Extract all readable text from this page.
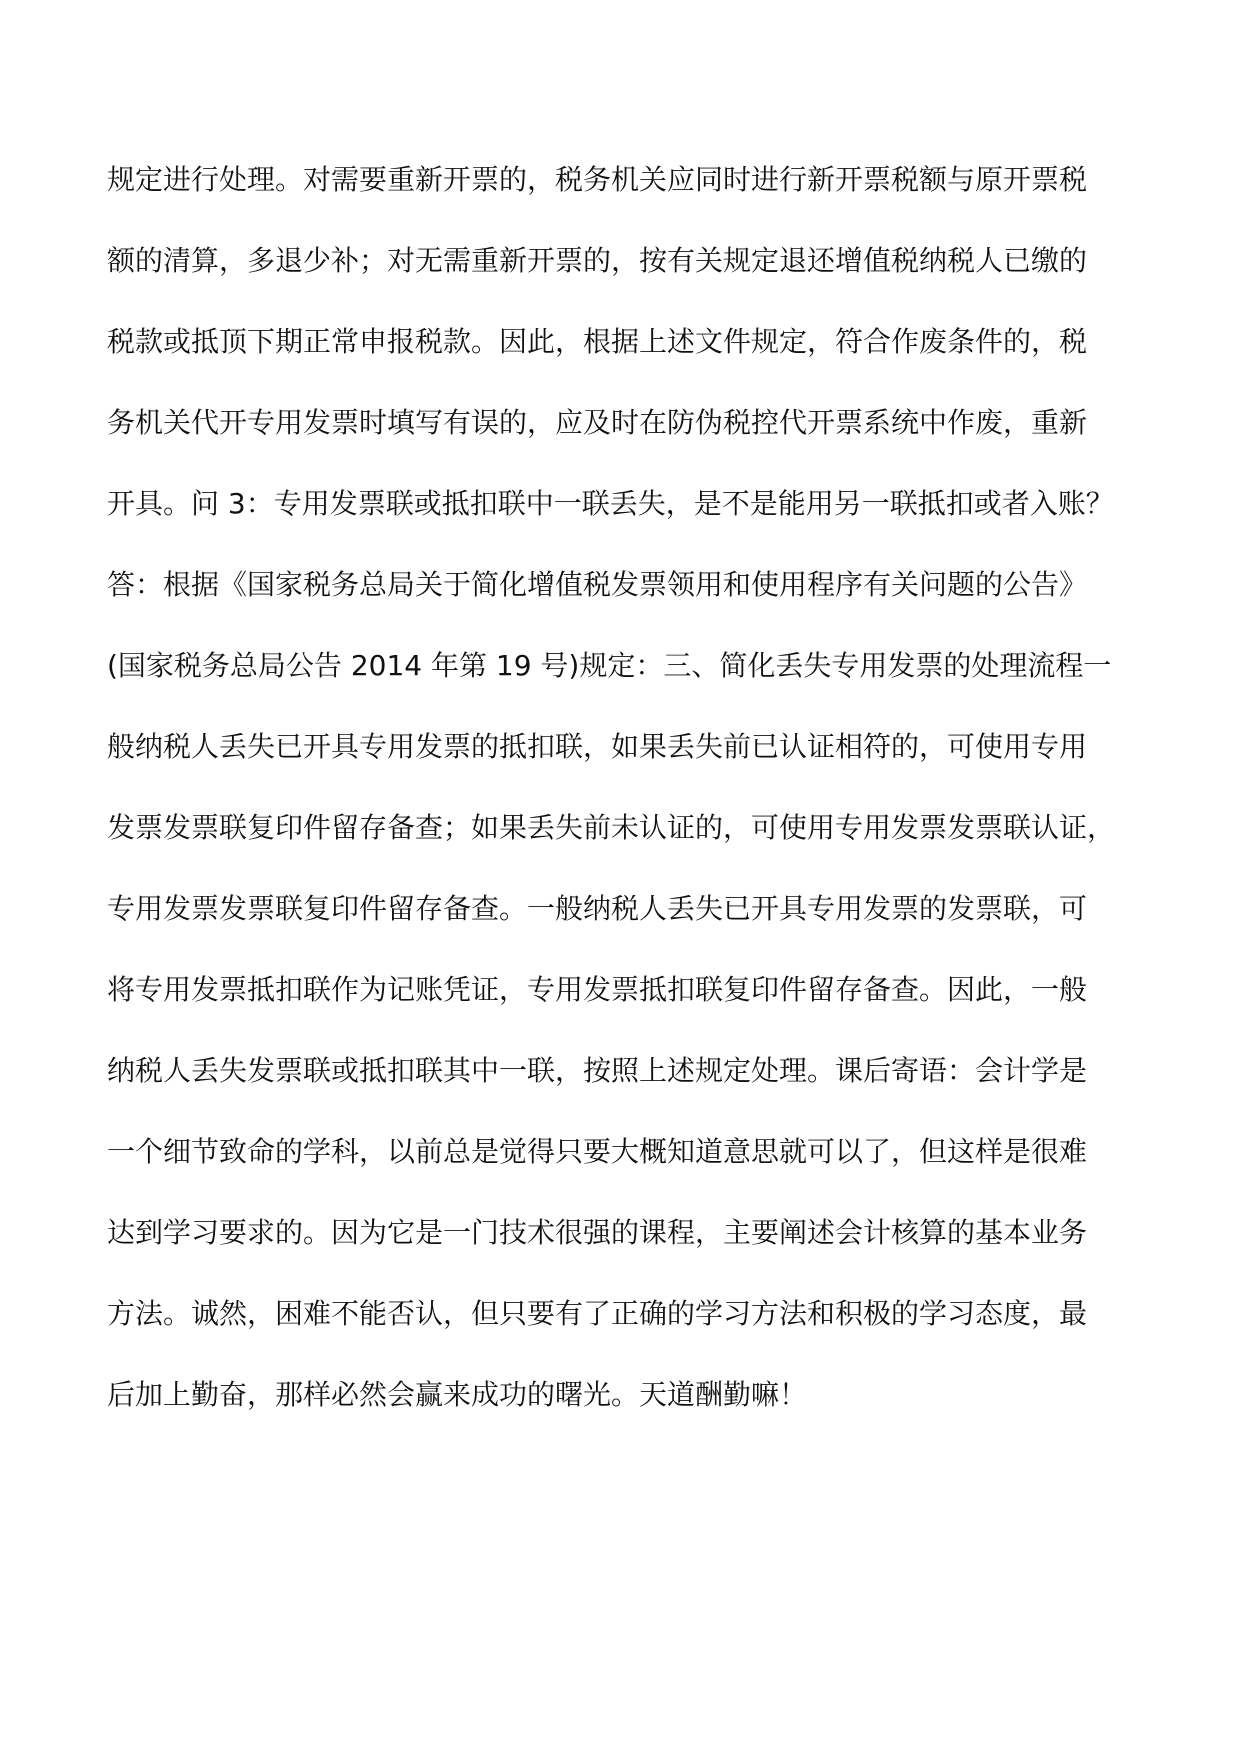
规定进行处理。对需要重新开票的，税务机关应同时进行新开票税额与原开票税
额的清算，多退少补；对无需重新开票的，按有关规定退还增值税纳税人已缴的
税款或抵顶下期正常申报税款。因此，根据上述文件规定，符合作废条件的，税
务机关代开专用发票时填写有误的，应及时在防伪税控代开票系统中作废，重新
开具。问 3：专用发票联或抵扣联中一联丢失，是不是能用另一联抵扣或者入账？
答：根据《国家税务总局关于简化增值税发票领用和使用程序有关问题的公告》
(国家税务总局公告 2014 年第 19 号)规定：三、简化丢失专用发票的处理流程一
般纳税人丢失已开具专用发票的抵扣联，如果丢失前已认证相符的，可使用专用
发票发票联复印件留存备查；如果丢失前未认证的，可使用专用发票发票联认证，
专用发票发票联复印件留存备查。一般纳税人丢失已开具专用发票的发票联，可
将专用发票抵扣联作为记账凭证，专用发票抵扣联复印件留存备查。因此，一般
纳税人丢失发票联或抵扣联其中一联，按照上述规定处理。课后寄语：会计学是
一个细节致命的学科，以前总是觉得只要大概知道意思就可以了，但这样是很难
达到学习要求的。因为它是一门技术很强的课程，主要阐述会计核算的基本业务
方法。诚然，困难不能否认，但只要有了正确的学习方法和积极的学习态度，最
后加上勤奋，那样必然会赢来成功的曙光。天道酬勤嘛！
